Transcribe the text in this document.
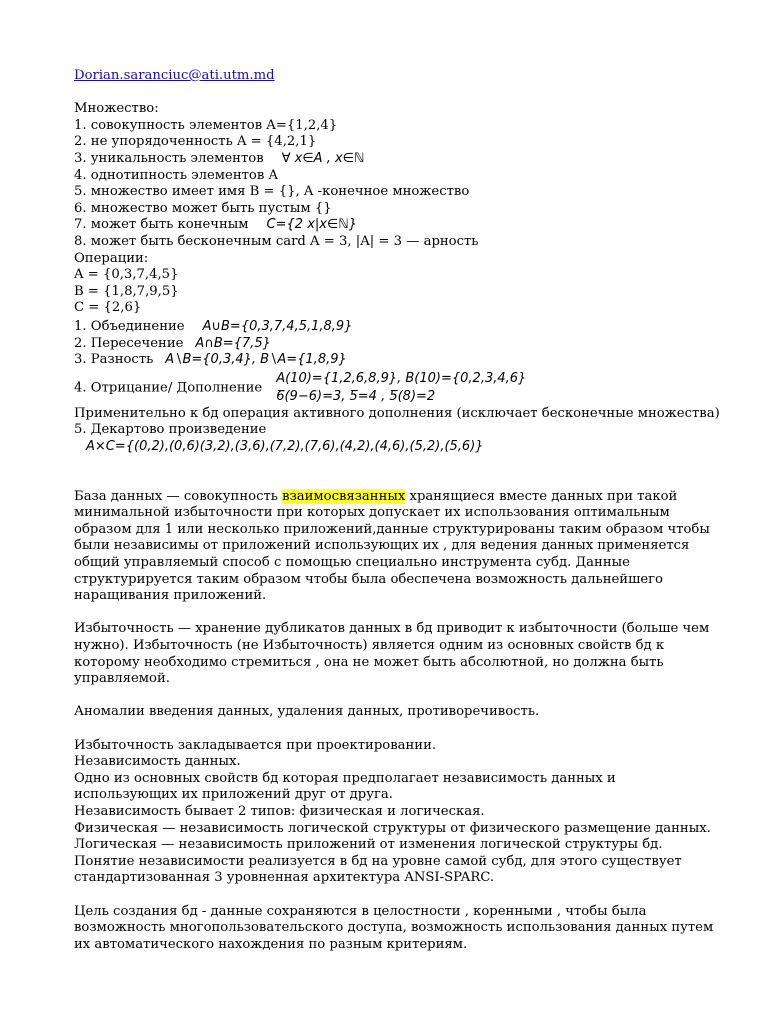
Dorian.saranciuc@ati.utm.md
Множество:
1. совокупность элементов A={1,2,4}
2. не упорядоченность A = {4,2,1}
3. уникальность элементов ∀ x∈A , x∈ℕ
4. однотипность элементов A
5. множество имеет имя B = {}, A -конечное множество
6. множество может быть пустым {}
7. может быть конечным C={2 x|x∈ℕ}
8. может быть бесконечным card A = 3, |A| = 3 — арность
Операции:
A = {0,3,7,4,5}
B = {1,8,7,9,5}
C = {2,6}
1. Объединение A∪B={0,3,7,4,5,1,8,9}
2. Пересечение A∩B={7,5}
3. Разность A∖B={0,3,4}, B∖A={1,8,9}
4. Отрицание/ Дополнение
A(10)={1,2,6,8,9}, B(10)={0,2,3,4,6}
6̅(9−6)=3, 5̅=4 , 5̅(8)=2
Применительно к бд операция активного дополнения (исключает бесконечные множества)
5. Декартово произведение
A×C={(0,2),(0,6)(3,2),(3,6),(7,2),(7,6),(4,2),(4,6),(5,2),(5,6)}
База данных — совокупность взаимосвязанных хранящиеся вместе данных при такой минимальной избыточности при которых допускает их использования оптимальным образом для 1 или несколько приложений,данные структурированы таким образом чтобы были независимы от приложений использующих их , для ведения данных применяется общий управляемый способ с помощью специально инструмента субд. Данные структурируется таким образом чтобы была обеспечена возможность дальнейшего наращивания приложений.
Избыточность — хранение дубликатов данных в бд приводит к избыточности (больше чем нужно). Избыточность (не Избыточность) является одним из основных свойств бд к которому необходимо стремиться , она не может быть абсолютной, но должна быть управляемой.
Аномалии введения данных, удаления данных, противоречивость.
Избыточность закладывается при проектировании.
Независимость данных.
Одно из основных свойств бд которая предполагает независимость данных и использующих их приложений друг от друга.
Независимость бывает 2 типов: физическая и логическая.
Физическая — независимость логической структуры от физического размещение данных.
Логическая — независимость приложений от изменения логической структуры бд.
Понятие независимости реализуется в бд на уровне самой субд, для этого существует стандартизованная 3 уровненная архитектура ANSI-SPARC.
Цель создания бд - данные сохраняются в целостности , коренными , чтобы была возможность многопользовательского доступа, возможность использования данных путем их автоматического нахождения по разным критериям.
